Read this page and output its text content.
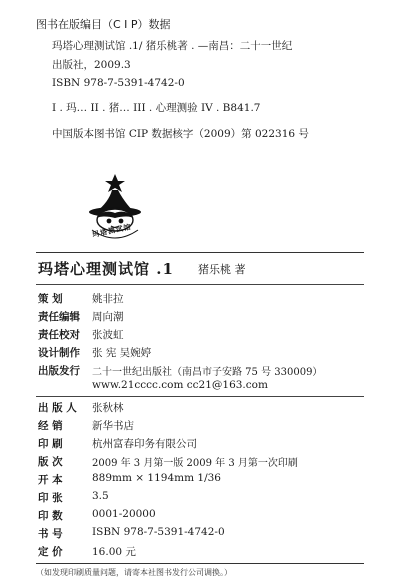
图书在版编目（C I P）数据
玛塔心理测试馆 .1/ 猪乐桃著 . —南昌：二十一世纪
出版社，2009.3
ISBN 978-7-5391-4742-0
I . 玛… II . 猪… III . 心理测验 IV . B841.7
中国版本图书馆 CIP 数据核字（2009）第 022316 号
玛塔测试馆
玛塔心理测试馆 .1 猪乐桃 著
策 划	姚非拉
责任编辑 周向潮
责任校对 张波虹
设计制作 张 宪 吴婉婷
出版发行 二十一世纪出版社（南昌市子安路 75 号 330009）
www.21cccc.com cc21@163.com
出 版 人 张秋林
经 销	新华书店
印 刷	杭州富春印务有限公司
版 次	2009 年 3 月第一版 2009 年 3 月第一次印刷
开 本	889mm × 1194mm 1/36
印 张	3.5
印 数	0001-20000
书 号	ISBN 978-7-5391-4742-0
定 价	16.00 元
（如发现印刷质量问题，请寄本社图书发行公司调换。）
